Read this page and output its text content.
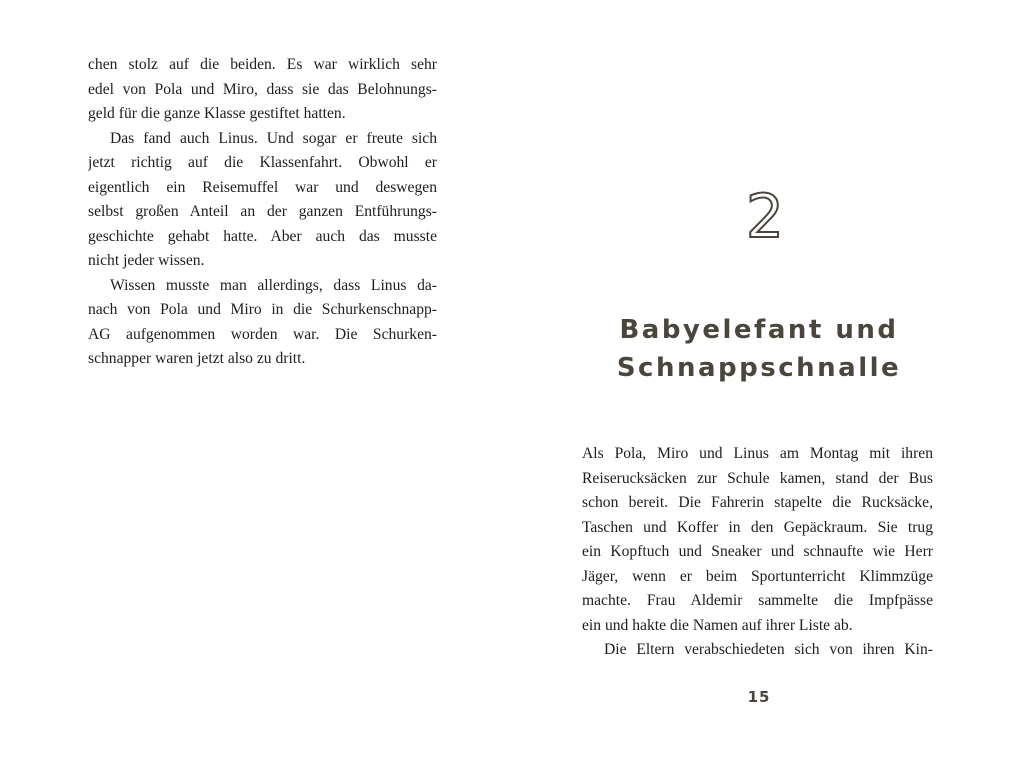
chen stolz auf die beiden. Es war wirklich sehr
edel von Pola und Miro, dass sie das Belohnungs-
geld für die ganze Klasse gestiftet hatten.
Das fand auch Linus. Und sogar er freute sich
jetzt richtig auf die Klassenfahrt. Obwohl er
eigentlich ein Reisemuffel war und deswegen
selbst großen Anteil an der ganzen Entführungs-
geschichte gehabt hatte. Aber auch das musste
nicht jeder wissen.
Wissen musste man allerdings, dass Linus da-
nach von Pola und Miro in die Schurkenschnapp-
AG aufgenommen worden war. Die Schurken-
schnapper waren jetzt also zu dritt.
2
Babyelefant und
Schnappschnalle
Als Pola, Miro und Linus am Montag mit ihren
Reiserucksäcken zur Schule kamen, stand der Bus
schon bereit. Die Fahrerin stapelte die Rucksäcke,
Taschen und Koffer in den Gepäckraum. Sie trug
ein Kopftuch und Sneaker und schnaufte wie Herr
Jäger, wenn er beim Sportunterricht Klimmzüge
machte. Frau Aldemir sammelte die Impfpässe
ein und hakte die Namen auf ihrer Liste ab.
Die Eltern verabschiedeten sich von ihren Kin-
15
